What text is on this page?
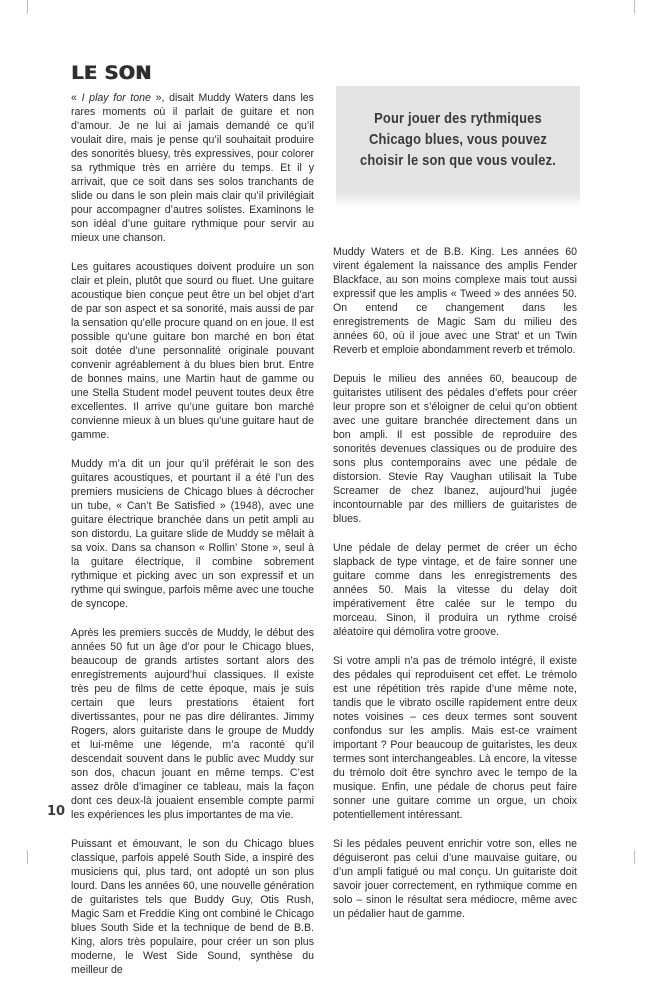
LE SON

« I play for tone », disait Muddy Waters dans les rares moments où il parlait de guitare et non d’amour. Je ne lui ai jamais demandé ce qu’il voulait dire, mais je pense qu’il souhaitait produire des sonorités bluesy, très expressives, pour colorer sa rythmique très en arrière du temps. Et il y arrivait, que ce soit dans ses solos tranchants de slide ou dans le son plein mais clair qu’il privilégiait pour accompagner d’autres solistes. Examinons le son idéal d’une guitare rythmique pour servir au mieux une chanson.

Les guitares acoustiques doivent produire un son clair et plein, plutôt que sourd ou fluet. Une guitare acoustique bien conçue peut être un bel objet d’art de par son aspect et sa sonorité, mais aussi de par la sensation qu’elle procure quand on en joue. Il est possible qu’une guitare bon marché en bon état soit dotée d’une personnalité originale pouvant convenir agréablement à du blues bien brut. Entre de bonnes mains, une Martin haut de gamme ou une Stella Student model peuvent toutes deux être excellentes. Il arrive qu’une guitare bon marché convienne mieux à un blues qu’une guitare haut de gamme.

Muddy m’a dit un jour qu’il préférait le son des guitares acoustiques, et pourtant il a été l’un des premiers musiciens de Chicago blues à décrocher un tube, « Can’t Be Satisfied » (1948), avec une guitare électrique branchée dans un petit ampli au son distordu. La guitare slide de Muddy se mêlait à sa voix. Dans sa chanson « Rollin’ Stone », seul à la guitare électrique, il combine sobrement rythmique et picking avec un son expressif et un rythme qui swingue, parfois même avec une touche de syncope.

Après les premiers succès de Muddy, le début des années 50 fut un âge d’or pour le Chicago blues, beaucoup de grands artistes sortant alors des enregistrements aujourd’hui classiques. Il existe très peu de films de cette époque, mais je suis certain que leurs prestations étaient fort divertissantes, pour ne pas dire délirantes. Jimmy Rogers, alors guitariste dans le groupe de Muddy et lui-même une légende, m’a raconté qu’il descendait souvent dans le public avec Muddy sur son dos, chacun jouant en même temps. C’est assez drôle d’imaginer ce tableau, mais la façon dont ces deux-là jouaient ensemble compte parmi les expériences les plus importantes de ma vie.

Puissant et émouvant, le son du Chicago blues classique, parfois appelé South Side, a inspiré des musiciens qui, plus tard, ont adopté un son plus lourd. Dans les années 60, une nouvelle génération de guitaristes tels que Buddy Guy, Otis Rush, Magic Sam et Freddie King ont combiné le Chicago blues South Side et la technique de bend de B.B. King, alors très populaire, pour créer un son plus moderne, le West Side Sound, synthèse du meilleur de

Pour jouer des rythmiques Chicago blues, vous pouvez choisir le son que vous voulez.

Muddy Waters et de B.B. King. Les années 60 virent également la naissance des amplis Fender Blackface, au son moins complexe mais tout aussi expressif que les amplis « Tweed » des années 50. On entend ce changement dans les enregistrements de Magic Sam du milieu des années 60, où il joue avec une Strat’ et un Twin Reverb et emploie abondamment reverb et trémolo.

Depuis le milieu des années 60, beaucoup de guitaristes utilisent des pédales d’effets pour créer leur propre son et s’éloigner de celui qu’on obtient avec une guitare branchée directement dans un bon ampli. Il est possible de reproduire des sonorités devenues classiques ou de produire des sons plus contemporains avec une pédale de distorsion. Stevie Ray Vaughan utilisait la Tube Screamer de chez Ibanez, aujourd’hui jugée incontournable par des milliers de guitaristes de blues.

Une pédale de delay permet de créer un écho slapback de type vintage, et de faire sonner une guitare comme dans les enregistrements des années 50. Mais la vitesse du delay doit impérativement être calée sur le tempo du morceau. Sinon, il produira un rythme croisé aléatoire qui démolira votre groove.

Si votre ampli n’a pas de trémolo intégré, il existe des pédales qui reproduisent cet effet. Le trémolo est une répétition très rapide d’une même note, tandis que le vibrato oscille rapidement entre deux notes voisines – ces deux termes sont souvent confondus sur les amplis. Mais est-ce vraiment important ? Pour beaucoup de guitaristes, les deux termes sont interchangeables. Là encore, la vitesse du trémolo doit être synchro avec le tempo de la musique. Enfin, une pédale de chorus peut faire sonner une guitare comme un orgue, un choix potentiellement intéressant.

Si les pédales peuvent enrichir votre son, elles ne déguiseront pas celui d’une mauvaise guitare, ou d’un ampli fatigué ou mal conçu. Un guitariste doit savoir jouer correctement, en rythmique comme en solo – sinon le résultat sera médiocre, même avec un pédalier haut de gamme.

10
